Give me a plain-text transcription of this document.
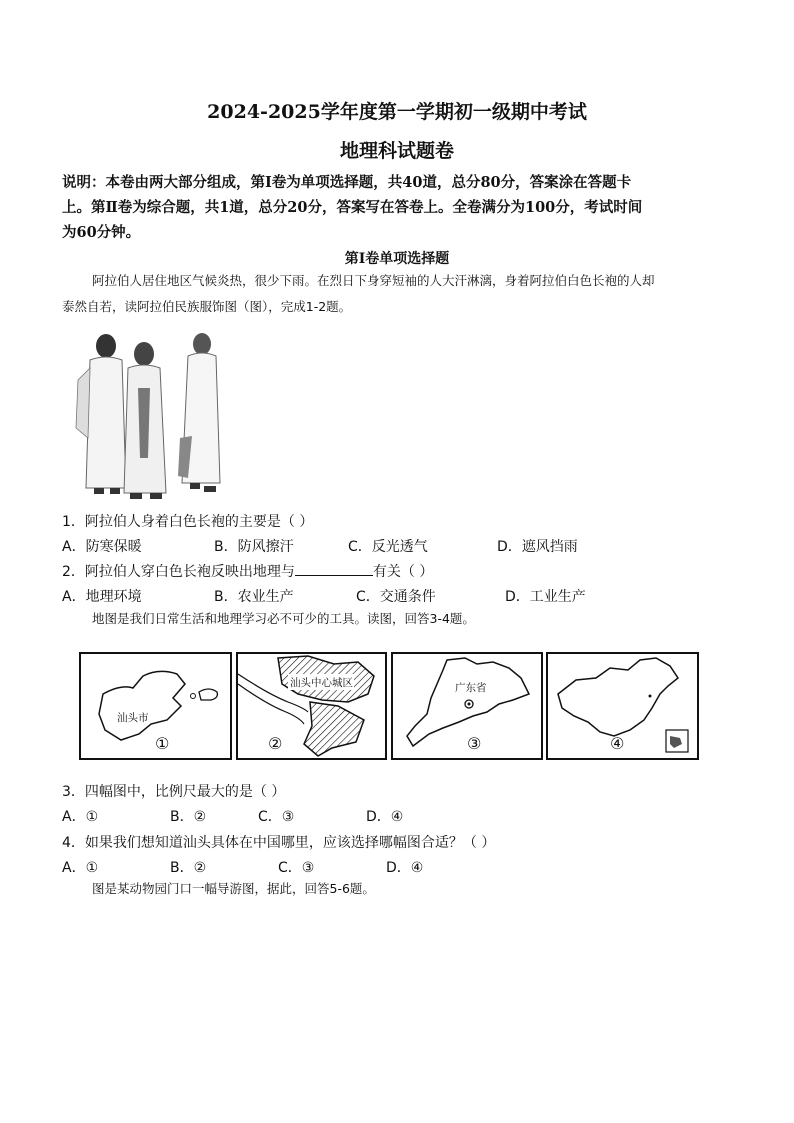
2024-2025学年度第一学期初一级期中考试
地理科试题卷
说明：本卷由两大部分组成，第Ⅰ卷为单项选择题，共40道，总分80分，答案涂在答题卡
上。第Ⅱ卷为综合题，共1道，总分20分，答案写在答卷上。全卷满分为100分，考试时间
为60分钟。
第Ⅰ卷单项选择题
阿拉伯人居住地区气候炎热，很少下雨。在烈日下身穿短袖的人大汗淋漓，身着阿拉伯白色长袍的人却
泰然自若，读阿拉伯民族服饰图（图），完成1-2题。
1．阿拉伯人身着白色长袍的主要是（ ）
A．防寒保暖	B．防风擦汗	C．反光透气	D．遮风挡雨
2．阿拉伯人穿白色长袍反映出地理与	有关（ ）
A．地理环境	B．农业生产	C．交通条件	D．工业生产
地图是我们日常生活和地理学习必不可少的工具。读图，回答3-4题。
汕头市
①
汕头中心城区
②
广东省
③	④
3．四幅图中，比例尺最大的是（ ）
A．①	B．②	C．③	D．④
4．如果我们想知道汕头具体在中国哪里，应该选择哪幅图合适？（ ）
A．①	B．②	C．③	D．④
图是某动物园门口一幅导游图，据此，回答5-6题。
